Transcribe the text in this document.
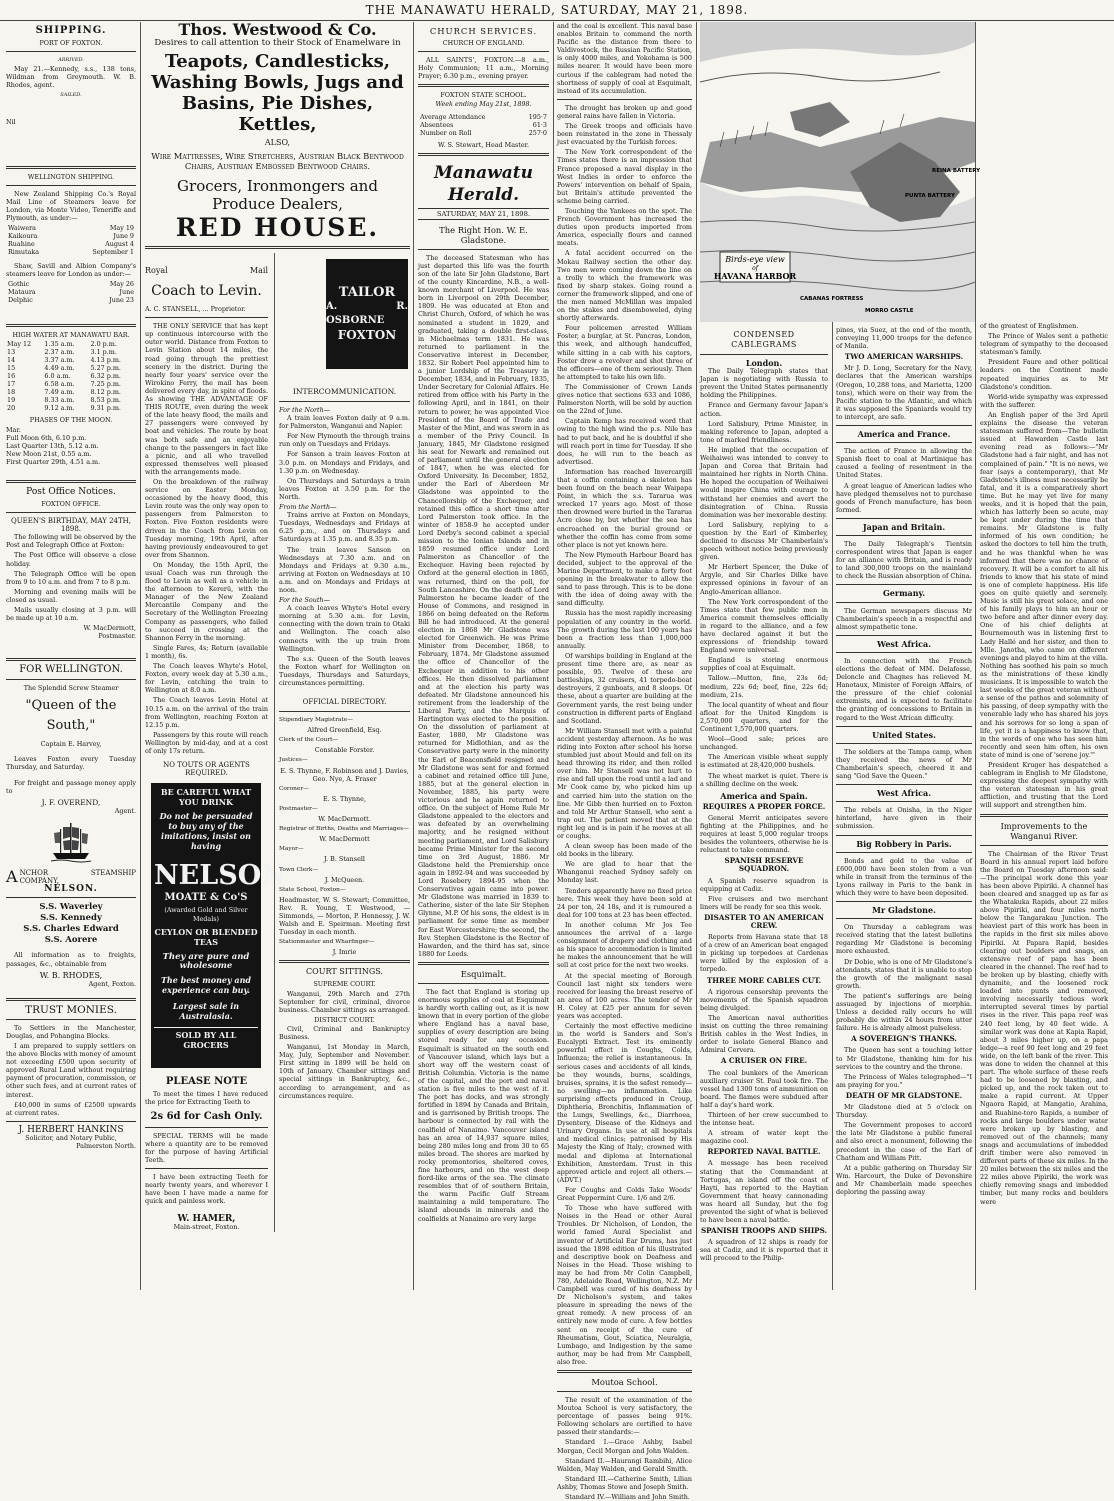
THE MANAWATU HERALD, SATURDAY, MAY 21, 1898.
SHIPPING.
PORT OF FOXTON.
ARRIVED.

May 21.—Kennedy, s.s., 138 tons, Wildman from Greymouth. W. B. Rhodes, agent.

SAILED.

Nil

WELLINGTON SHIPPING.

New Zealand Shipping Co.'s Royal Mail Line of Steamers leave for London, via Monte Video, Teneriffe and Plymouth, as under:—

Waiwera	May 19
Kaikoura	June 9
Ruahine	August 4
Rimutaka	September 1

Shaw, Savill and Albion Company's steamers leave for London as under:—

Gothic	May 26
Mataura	June
Delphic	June 23
HIGH WATER AT MANAWATU BAR.
May 12	1.35 a.m.	2.0 p.m.
13	2.37 a.m.	3.1 p.m.
14	3.37 a.m.	4.13 p.m.
15	4.49 a.m.	5.27 p.m.
16	6.0 a.m.	6.32 p.m.
17	6.58 a.m.	7.25 p.m.
18	7.49 a.m.	8.12 p.m.
19	8.33 a.m.	8.53 p.m.
20	9.12 a.m.	9.31 p.m.
PHASES OF THE MOON.
Mar.
Full Moon 6th, 6.10 p.m.
Last Quarter 13th, 5.12 a.m.
New Moon 21st, 0.55 a.m.
First Quarter 29th, 4.51 a.m.
Post Office Notices.
FOXTON OFFICE.
QUEEN'S BIRTHDAY, MAY 24TH, 1898.

The following will be observed by the Post and Telegraph Office at Foxton:

The Post Office will observe a close holiday.

The Telegraph Office will be open from 9 to 10 a.m. and from 7 to 8 p.m.

Morning and evening mails will be closed as usual.

Mails usually closing at 3 p.m. will be made up at 10 a.m.

W. MacDermott,
Postmaster.
FOR WELLINGTON.
The Splendid Screw Steamer
"Queen of the South,"
Captain E. Harvey,

Leaves Foxton every Tuesday Thursday, and Saturday.

For freight and passage money apply to

J. F. OVEREND,
Agent.
A NCHOR STEAMSHIP COMPANY,
NELSON.
S.S. Waverley
S.S. Kennedy
S.S. Charles Edward
S.S. Aorere

All information as to freights, passages, &c., obtainable from

W. B. RHODES,
Agent, Foxton.
TRUST MONIES.

To Settlers in the Manchester, Douglas, and Pohangina Blocks.

I am prepared to supply settlers on the above Blocks with money of amount not exceeding £500 upon security of approved Rural Land without requiring payment of procuration, commission, or other such fees, and at current rates of interest.

£40,000 in sums of £2500 upwards at current rates.

J. HERBERT HANKINS
Solicitor, and Notary Public,
Palmerston North.
Thos. Westwood & Co.
Desires to call attention to their Stock of Enamelware in
Teapots, Candlesticks, Washing Bowls, Jugs and Basins, Pie Dishes, Kettles,
ALSO,
Wire Mattresses, Wire Stretchers, Austrian Black Bentwood Chairs, Austrian Embossed Bentwood Chairs.
Grocers, Ironmongers and Produce Dealers,
RED HOUSE.
Royal	Mail
Coach to Levin.
A. C. STANSELL, ... Proprietor.

THE ONLY SERVICE that has kept up continuous intercourse with the outer world. Distance from Foxton to Levin Station about 14 miles, the road going through the prettiest scenery in the district. During the nearly four years' service over the Wirokino Ferry, the mail has been delivered every day, in spite of floods. As showing THE ADVANTAGE OF THIS ROUTE, even during the week of the late heavy flood, the mails and 27 passengers were conveyed by boat and vehicles. The route by boat was both safe and an enjoyable change to the passengers in fact like a picnic, and all who travelled expressed themselves well pleased with the arrangements made.

On the breakdown of the railway service on Easter Monday, occasioned by the heavy flood, this Levin route was the only way open to passengers from Palmerston to Foxton. Five Foxton residents were driven in the Coach from Levin on Tuesday morning, 19th April, after having previously endeavoured to get over from Shannon.

On Monday, the 15th April, the usual Coach was run through the flood to Levin as well as a vehicle in the afternoon to Kererü, with the Manager of the New Zealand Mercantile Company and the Secretary of the Wellington Freezing Company as passengers, who failed to succeed in crossing at the Shannon Ferry in the morning.

Single Fares, 4s; Return (available 1 month), 6s.

The Coach leaves Whyte's Hotel, Foxton, every week day at 5.30 a.m., for Levin, catching the train to Wellington at 8.0 a.m.

The Coach leaves Levin Hotel at 10.15 a.m. on the arrival of the train from Wellington, reaching Foxton at 12.15 p.m.

Passengers by this route will reach Wellington by mid-day, and at a cost of only 17s return.

NO TOUTS OR AGENTS REQUIRED.
BE CAREFUL WHAT YOU DRINK
Do not be persuaded to buy any of the imitations, insist on having
NELSON
MOATE & Co'S
(Awarded Gold and Silver Medals)
CEYLON OR BLENDED TEAS
They are pure and wholesome
The best money and experience can buy.
Largest sale in Australasia.
SOLD BY ALL GROCERS
PLEASE NOTE

To meet the times I have reduced the price for Extracting Teeth to

2s 6d for Cash Only.

SPECIAL TERMS will be made where a quantity are to be removed for the purpose of having Artificial Teeth.

I have been extracting Teeth for nearly twenty years, and wherever I have been I have made a name for quick and painless work.

W. HAMER,
Main-street, Foxton.
TAILOR
A. R. OSBORNE
FOXTON
INTERCOMMUNICATION.
For the North—

A train leaves Foxton daily at 9 a.m. for Palmerston, Wanganui and Napier.

For New Plymouth the through trains run only on Tuesdays and Fridays.

For Sanson a train leaves Foxton at 3.0 p.m. on Mondays and Fridays, and 1.30 p.m. on Wednesday.

On Thursdays and Saturdays a train leaves Foxton at 3.50 p.m. for the North.

From the North—

Trains arrive at Foxton on Mondays, Tuesdays, Wednesdays and Fridays at 6.25 p.m., and on Thursdays and Saturdays at 1.35 p.m. and 8.35 p.m.

The train leaves Sanson on Wednesdays at 7.30 a.m. and on Mondays and Fridays at 9.30 a.m., arriving at Foxton on Wednesdays at 10 a.m. and on Mondays and Fridays at noon.

For the South—

A coach leaves Whyte's Hotel every morning at 5.30 a.m. for Levin, connecting with the down train to Otaki and Wellington. The coach also connects with the up train from Wellington.

The s.s. Queen of the South leaves the Foxton wharf for Wellington on Tuesdays, Thursdays and Saturdays, circumstances permitting.

OFFICIAL DIRECTORY.

Stipendiary Magistrate—

Alfred Greenfield, Esq.

Clerk of the Court—

Constable Forster.

Justices—

E. S. Thynne, F. Robinson and J. Davies, Geo. Nye, A. Fraser

Coroner—

E. S. Thynne,

Postmaster—

W. MacDermott.

Registrar of Births, Deaths and Marriages—

W. MacDermott

Mayor—

J. B. Stansell

Town Clerk—

J. McQueen.

State School, Foxton—

Headmaster, W. S. Stewart; Committee, Rev. R. Young, T. Westwood, — Simmonds, — Morton, P. Hennessy, J. W. Walsh and E. Speirman. Meeting first Tuesday in each month.

Stationmaster and Wharfinger—

J. Imrie

COURT SITTINGS.
SUPREME COURT.

Wanganui, 29th March and 27th September for civil, criminal, divorce business. Chamber sittings as arranged.

DISTRICT COURT.

Civil, Criminal and Bankruptcy Business.

Wanganui, 1st Monday in March, May, July, September and November. First sitting in 1899 will be held on 10th of January. Chamber sittings and special sittings in Bankruptcy, &c., according to arrangement, and as circumstances require.

CHURCH SERVICES.
CHURCH OF ENGLAND.

ALL SAINTS', FOXTON.—8 a.m., Holy Communion; 11 a.m., Morning Prayer; 6.30 p.m., evening prayer.

FOXTON STATE SCHOOL.
Week ending May 21st, 1898.
Average Attendance	195·7
Absentees	61·3
Number on Roll	257·0
W. S. Stewart, Head Master.
Manawatu Herald.
SATURDAY, MAY 21, 1898.
The Right Hon. W. E. Gladstone.

The deceased Statesman who has just departed this life was the fourth son of the late Sir John Gladstone, Bart of the county Kincardine, N.B., a well-known merchant of Liverpool. He was born in Liverpool on 29th December, 1809. He was educated at Eton and Christ Church, Oxford, of which he was nominated a student in 1829, and graduated, taking a double first-class, in Michaelmas term 1831. He was returned to parliament in the Conservative interest in December, 1832. Sir Robert Peel appointed him to a junior Lordship of the Treasury in December, 1834, and in February, 1835, Under Secretary for Colonial Affairs. He retired from office with his Party in the following April, and in 1841, on their return to power, he was appointed Vice President of the Board of Trade and Master of the Mint, and was sworn in as a member of the Privy Council. In January, 1845, Mr Gladstone resigned his seat for Newark and remained out of parliament until the general election of 1847, when he was elected for Oxford University. In December, 1852, under the Earl of Aberdeen Mr Gladstone was appointed to the Chancellorship of the Exchequer, and retained this office a short time after Lord Palmerston took office. In the winter of 1858-9 he accepted under Lord Derby's second cabinet a special mission to the Ionian Islands and in 1859 resumed office under Lord Palmerston as Chancellor of the Exchequer. Having been rejected by Oxford at the general election in 1865, was returned, third on the poll, for South Lancashire. On the death of Lord Palmerston he became leader of the House of Commons, and resigned in 1866 on being defeated on the Reform Bill he had introduced. At the general election in 1868 Mr Gladstone was elected for Greenwich. He was Prime Minister from December, 1868, to February, 1874. Mr Gladstone assumed the office of Chancellor of the Exchequer in addition to his other offices. He then dissolved parliament and at the election his party was defeated. Mr Gladstone announced his retirement from the leadership of the Liberal Party, and the Marquis of Hartington was elected to the position. On the dissolution of parliament at Easter, 1880, Mr Gladstone was returned for Midlothian, and as the Conservative party were in the minority the Earl of Beaconsfield resigned and Mr Gladstone was sent for and formed a cabinet and retained office till June, 1885, but at the general election in November, 1885, his party were victorious and he again returned to office. On the subject of Home Rule Mr Gladstone appealed to the electors and was defeated by an overwhelming majority, and he resigned without meeting parliament, and Lord Salisbury became Prime Minister for the second time on 3rd August, 1886. Mr Gladstone held the Premiership once again in 1892-94 and was succeeded by Lord Rosebery 1894-95 when the Conservatives again came into power. Mr Gladstone was married in 1839 to Catherine, sister of the late Sir Stephen Glynne, M.P. Of his sons, the eldest is in parliament for some time as member for East Worcestershire; the second, the Rev. Stephen Gladstone is the Rector of Hawarden, and the third has sat, since 1880 for Leeds.

Esquimalt.

The fact that England is storing up enormous supplies of coal at Esquimalt is hardly worth calling out, as it is now known that in every portion of the globe where England has a naval base, supplies of every description are being stored ready for any occasion. Esquimalt is situated on the south end of Vancouver island, which lays but a short way off the western coast of British Columbia. Victoria is the name of the capital, and the port and naval station is five miles to the west of it. The port has docks, and was strongly fortified in 1894 by Canada and Britain, and is garrisoned by British troops. The harbour is connected by rail with the coalfield of Nanaimo. Vancouver island has an area of 14,937 square miles, being 280 miles long and from 30 to 65 miles broad. The shores are marked by rocky promontories, sheltered coves, fine harbours, and on the west deep fiord-like arms of the sea. The climate resembles that of of southern Britain, the warm Pacific Gulf Stream maintaining a mild temperature. The island abounds in minerals and the coalfields at Nanaimo are very large

and the coal is excellent. This naval base enables Britain to command the north Pacific as the distance from there to Valdivostock, the Russian Pacific Station, is only 4000 miles, and Yokohama is 500 miles nearer. It would have been more curious if the cablegram had noted the shortness of supply of coal at Esquimalt, instead of its accumulation.

The drought has broken up and good general rains have fallen in Victoria.

The Greek troops and officials have been reinstated in the zone in Thessaly just evacuated by the Turkish forces.

The New York correspondent of the Times states there is an impression that France proposed a naval display in the West Indies in order to enforce the Powers' intervention on behalf of Spain, but Britain's attitude prevented the scheme being carried.

Touching the Yankees on the spot. The French Government has increased the duties upon products imported from America, especially flours and canned meats.

A fatal accident occurred on the Mokau Railway section the other day. Two men were coming down the line on a trolly to which the framework was fixed by sharp stakes. Going round a corner the framework slipped, and one of the men named McMillan was impaled on the stakes and disemboweled, dying shortly afterwards.

Four policemen arrested William Foster, a burglar, at St. Pancras, London, this week, and although handcuffed, while sitting in a cab with his captors, Foster drew a revolver and shot three of the officers—one of them seriously. Then he attempted to take his own life.

The Commissioner of Crown Lands gives notice that sections 633 and 1086, Palmerston North, will be sold by auction on the 22nd of June.

Captain Kemp has received word that owing to the high wind the p.s. Nile has had to put back, and he is doubtful if she will reach port in time for Tuesday. If she does, he will run to the beach as advertised.

Information has reached Invercargill that a coffin containing a skeleton has been found on the beach near Waipapa Point, in which the s.s. Tararua was wrecked 17 years ago. Most of those then drowned were buried in the Tararua Acre close by, but whether the sea has encroached on the burial ground or whether the coffin has come from some other place is not yet known here.

The New Plymouth Harbour Board has decided, subject to the approval of the Marine Department, to make a forty foot opening in the breakwater to allow the sand to pass through. This is to be done with the idea of doing away with the sand difficulty.

Russia has the most rapidly increasing population of any country in the world. The growth during the last 100 years has been a fraction less than 1,000,000 annually.

Of warships building in England at the present time there are, as near as possible, 95. Twelve of these are battleships, 32 cruisers, 41 torpedo-boat destroyers, 2 gunboats, and 8 sloops. Of these, about a quarter are building at the Government yards, the rest being under construction in different parts of England and Scotland.

Mr William Stansell met with a painful accident yesterday afternoon. As he was riding into Foxton after school his horse stumbled just about Mould and fell on its head throwing its rider, and then rolled over him. Mr Stansell was not hurt to rise and fall upon the road until a lad and Mr Cook came by, who picked him up and carried him into the station on the line. Mr Gibb then hurried on to Foxton and told Mr Arthur Stansell, who sent a trap out. The patient moved that at the right leg and is in pain if he moves at all or coughs.

A clean sweep has been made of the old books in the library.

We are glad to hear that the Whanganui reached Sydney safely on Monday last.

Tenders apparently have no fixed price here. This week they have been sold at 24 per ton, 24 18s, and it is rumoured a deal for 100 tons at 23 has been effected.

In another column Mr Jos Tee announces the arrival of a large consignment of drapery and clothing and as his space to accommodation is limited he makes the announcement that he will sell at cost price for the next two weeks.

At the special meeting of Borough Council last night six tenders were received for leasing the breast reserve of an area of 100 acres. The tender of Mr H. Coley at £25 per annum for seven years was accepted.

Certainly the most effective medicine in the world is Sanders and Son's Eucalypti Extract. Test its eminently powerful effect in Coughs, Colds, Influenza; the relief is instantaneous. In serious cases and accidents of all kinds, be they wounds, burns, scaldings, bruises, sprains, it is the safest remedy—no swelling—no inflammation. Like surprising effects produced in Croup, Diphtheria, Bronchitis, Inflammation of the Lungs, Swellings, &c., Diarrhoea, Dysentery, Disease of the Kidneys and Urinary Organs. In use at all hospitals and medical clinics; patronised by His Majesty the King of Italy; crowned with medal and diploma at International Exhibition, Amsterdam. Trust in this approved article and reject all others.—(ADVT.)

For Coughs and Colds Take Woods' Great Peppermint Cure. 1/6 and 2/6.

To Those who have suffered with Noises in the Head or other Aural Troubles. Dr Nicholson, of London, the world famed Aural Specialist and inventor of Artificial Ear Drums, has just issued the 1898 edition of his illustrated and descriptive book on Deafness and Noises in the Head. Those wishing to may be had from Mr Colin Campbell, 780, Adelaide Road, Wellington, N.Z. Mr Campbell was cured of his deafness by Dr Nicholson's system, and takes pleasure in spreading the news of the great remedy. A new process of an entirely new mode of cure. A few bottles sent on receipt of the cure of Rheumatism, Gout, Sciatica, Neuralgia, Lumbago, and Indigestion by the same author, may be had from Mr Campbell, also free.

Moutoa School.

The result of the examination of the Moutoa School is very satisfactory, the percentage of passes being 91%. Following scholars are certified to have passed their standards:—

Standard I.—Grace Ashby, Isabel Morgan, Cecil Morgan and John Walden.

Standard II.—Haurangi Rambihi, Alice Walden, May Walden, and Gerald Smith.

Standard III.—Catherine Smith, Lilian Ashby, Thomas Stowe and Joseph Smith.

Standard IV.—William and John Smith.

Birds-eye view
of
HAVANA HARBOR
PUNTA BATTERY
REINA BATTERY
CABANAS FORTRESS
MORRO CASTLE
CONDENSED CABLEGRAMS
London.

The Daily Telegraph states that Japan is negotiating with Russia to prevent the United States permanently holding the Philippines.

France and Germany favour Japan's action.

Lord Salisbury, Prime Minister, in making reference to Japan, adopted a tone of marked friendliness.

He implied that the occupation of Weihaiwei was intended to convey to Japan and Corea that Britain had maintained her rights in North China. He hoped the occupation of Weihaiwei would inspire China with courage to withstand her enemies and avert the disintegration of China. Russia domination was her inexorable destiny.

Lord Salisbury, replying to a question by the Earl of Kimberley, declined to discuss Mr Chamberlain's speech without notice being previously given.

Mr Herbert Spencer, the Duke of Argyle, and Sir Charles Dilke have expressed opinions in favour of an Anglo-American alliance.

The New York correspondent of the Times state that few public men in America commit themselves officially in regard to the alliance, and a few have declared against it but the expressions of friendship toward England were universal.

England is storing enormous supplies of coal at Esquimalt.

Tallow.—Mutton, fine, 23s 6d; medium, 22s 6d; beef, fine, 22s 6d; medium, 21s.

The local quantity of wheat and flour afloat for the United Kingdom is 2,570,000 quarters, and for the Continent 1,570,000 quarters.

Wool—Good sale; prices are unchanged.

The American visible wheat supply is estimated at 28,420,000 bushels.

The wheat market is quiet. There is a shilling decline on the week.

America and Spain.
REQUIRES A PROPER FORCE.

General Merrit anticipates severe fighting at the Philippines, and he requires at least 5,000 regular troops besides the volunteers, otherwise he is reluctant to take command.

SPANISH RESERVE SQUADRON.

A Spanish reserve squadron is equipping at Cadiz.

Five cruisers and two merchant liners will be ready for sea this week.

DISASTER TO AN AMERICAN CREW.

Reports from Havana state that 18 of a crew of an American boat engaged in picking up torpedoes at Cardenas were killed by the explosion of a torpedo.

THREE MORE CABLES CUT.

A rigorous censorship prevents the movements of the Spanish squadron being divulged.

The American naval authorities insist on cutting the three remaining British cables in the West Indies, in order to isolate General Blanco and Admiral Cervera.

A CRUISER ON FIRE.

The coal bunkers of the American auxiliary cruiser St. Paul took fire. The vessel had 1300 tons of ammunition on board. The flames were subdued after half a day's hard work.

Thirteen of her crew succumbed to the intense heat.

A stream of water kept the magazine cool.

REPORTED NAVAL BATTLE.

A message has been received stating that the Commandant at Tortugas, an island off the coast of Hayti, has reported to the Haytian Government that heavy cannonading was heard all Sunday, but the fog prevented the sight of what is believed to have been a naval battle.

SPANISH TROOPS AND SHIPS.

A squadron of 12 ships is ready for sea at Cadiz, and it is reported that it will proceed to the Philip-

pines, via Suez, at the end of the month, conveying 11,000 troops for the defence of Manila.

TWO AMERICAN WARSHIPS.

Mr J. D. Long, Secretary for the Navy, declares that the American warships (Oregon, 10,288 tons, and Marietta, 1200 tons), which were on their way from the Pacific station to the Atlantic, and which it was supposed the Spaniards would try to intercept, are safe.

America and France.

The action of France in allowing the Spanish fleet to coal at Martinique has caused a feeling of resentment in the United States.

A great league of American ladies who have pledged themselves not to purchase goods of French manufacture, has been formed.

Japan and Britain.

The Daily Telegraph's Tientsin correspondent wires that Japan is eager for an alliance with Britain, and is ready to land 300,000 troops on the mainland to check the Russian absorption of China.

Germany.

The German newspapers discuss Mr Chamberlain's speech in a respectful and almost sympathetic tone.

West Africa.

In connection with the French elections the defeat of MM. Delafosse, Deloncle and Chagnes has relieved M. Hanotaux, Minister of Foreign Affairs, of the pressure of the chief colonial extremists, and is expected to facilitate the granting of concessions to Britain in regard to the West African difficulty.

United States.

The soldiers at the Tampa camp, when they received the news of Mr Chamberlain's speech, cheered it and sang "God Save the Queen."

West Africa.

The rebels at Onisha, in the Niger hinterland, have given in their submission.

Big Robbery in Paris.

Bonds and gold to the value of £600,000 have been stolen from a van while in transit from the terminus of the Lyons railway in Paris to the bank in which they were to have been deposited.

Mr Gladstone.

On Thursday a cablegram was received stating that the latest bulletins regarding Mr Gladstone is becoming more exhausted.

Dr Dobie, who is one of Mr Gladstone's attendants, states that it is unable to stop the growth of the malignant nasal growth.

The patient's sufferings are being assuaged by injections of morphia. Unless a decided rally occurs he will probably die within 24 hours from utter failure. He is already almost pulseless.

A SOVEREIGN'S THANKS.

The Queen has sent a touching letter to Mr Gladstone, thanking him for his services to the country and the throne.

The Princess of Wales telegraphed—"I am praying for you."

DEATH OF MR GLADSTONE.

Mr Gladstone died at 5 o'clock on Thursday.

The Government proposes to accord the late Mr Gladstone a public funeral and also erect a monument, following the precedent in the case of the Earl of Chatham and William Pitt.

At a public gathering on Thursday Sir Wm. Harcourt, the Duke of Devonshire and Mr Chamberlain made speeches deploring the passing away

of the greatest of Englishmen.

The Prince of Wales sent a pathetic telegram of sympathy to the deceased statesman's family.

President Faure and other political leaders on the Continent made repeated inquiries as to Mr Gladstone's condition.

World-wide sympathy was expressed with the sufferer.

An English paper of the 3rd April explains the disease the veteran statesman suffered from—The bulletin issued at Hawarden Castle last evening read as follows:—"Mr Gladstone had a fair night, and has not complained of pain." "It is no news, we fear (says a contemporary), that Mr Gladstone's illness must necessarily be fatal, and it is a comparatively short time. But he may yet live for many weeks, and it is hoped that the pain, which has latterly been so acute, may be kept under during the time that remains. Mr Gladstone is fully informed of his own condition; he asked the doctors to tell him the truth, and he was thankful when he was informed that there was no chance of recovery. It will be a comfort to all his friends to know that his state of mind is one of complete happiness. His life goes on quite quietly and serenely. Music is still his great solace, and one of his family plays to him an hour or two before and after dinner every day. One of his chief delights at Bournemouth was in listening first to Lady Hallé and her sister, and then to Mlle. Janotha, who came on different evenings and played to him at the villa. Nothing has soothed his pain so much as the ministrations of these kindly musicians. It is impossible to watch the last weeks of the great veteran without a sense of the pathos and solemnity of his passing, of deep sympathy with the venerable lady who has shared his joys and his sorrows for so long a span of life, yet it is a happiness to know that, in the words of one who has seen him recently and seen him often, his own state of mind is one of 'serene joy.'"

President Kruger has despatched a cablegram in English to Mr Gladstone, expressing the deepest sympathy with the veteran statesman in his great affliction, and trusting that the Lord will support and strengthen him.

Improvements to the Wanganui River.

The Chairman of the River Trust Board in his annual report laid before the Board on Tuesday afternoon said:—The principal work done this year has been above Pipiriki. A channel has been cleared and snagged up as far as the Whatakuka Rapids, about 22 miles above Pipiriki, and four miles north below the Tangarakau Junction. The heaviest part of this work has been in the rapids in the first six miles above Pipiriki. At Papara Rapid, besides clearing out boulders and snags, an extensive reef of papa has been cleared in the channel. The reef had to be broken up by blasting, chiefly with dynamite, and the loosened rock loaded into punts and removed, involving necessarily tedious work interrupted several times by partial rises in the river. This papa reef was 240 feet long, by 40 feet wide. A similar work was done at Kapia Rapid, about 3 miles higher up, on a papa ledge—a reef 90 feet long and 29 feet wide, on the left bank of the river. This was done to widen the channel at this part. The whole surface of these reefs had to be loosened by blasting, and picked up, and the rock taken out to make a rapid current. At Upper Ngaora Rapid, at Mangatio, Arahina, and Ruahine-toro Rapids, a number of rocks and large boulders under water were broken up by blasting, and removed out of the channels; many snags and accumulations of imbedded drift timber were also removed in different parts of these six miles. In the 20 miles between the six miles and the 22 miles above Pipiriki, the work was chiefly removing snags and imbedded timber, but many rocks and boulders were
